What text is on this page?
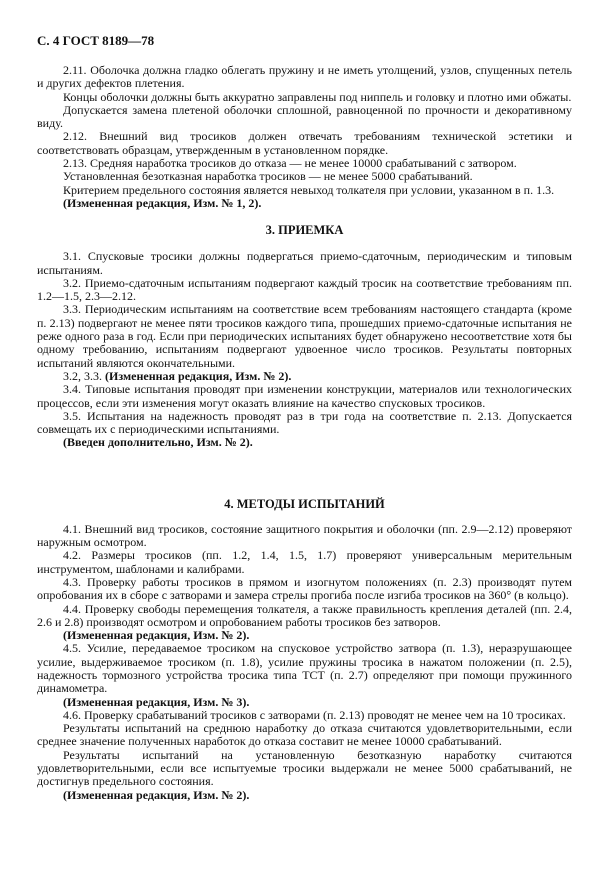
С. 4 ГОСТ 8189—78

2.11. Оболочка должна гладко облегать пружину и не иметь утолщений, узлов, спущенных петель и других дефектов плетения.

Концы оболочки должны быть аккуратно заправлены под ниппель и головку и плотно ими обжаты.

Допускается замена плетеной оболочки сплошной, равноценной по прочности и декоративному виду.

2.12. Внешний вид тросиков должен отвечать требованиям технической эстетики и соответствовать образцам, утвержденным в установленном порядке.

2.13. Средняя наработка тросиков до отказа — не менее 10000 срабатываний с затвором.

Установленная безотказная наработка тросиков — не менее 5000 срабатываний.

Критерием предельного состояния является невыход толкателя при условии, указанном в п. 1.3.

(Измененная редакция, Изм. № 1, 2).

3. ПРИЕМКА

3.1. Спусковые тросики должны подвергаться приемо-сдаточным, периодическим и типовым испытаниям.

3.2. Приемо-сдаточным испытаниям подвергают каждый тросик на соответствие требованиям пп. 1.2—1.5, 2.3—2.12.

3.3. Периодическим испытаниям на соответствие всем требованиям настоящего стандарта (кроме п. 2.13) подвергают не менее пяти тросиков каждого типа, прошедших приемо-сдаточные испытания не реже одного раза в год. Если при периодических испытаниях будет обнаружено несоответствие хотя бы одному требованию, испытаниям подвергают удвоенное число тросиков. Результаты повторных испытаний являются окончательными.

3.2, 3.3. (Измененная редакция, Изм. № 2).

3.4. Типовые испытания проводят при изменении конструкции, материалов или технологических процессов, если эти изменения могут оказать влияние на качество спусковых тросиков.

3.5. Испытания на надежность проводят раз в три года на соответствие п. 2.13. Допускается совмещать их с периодическими испытаниями.

(Введен дополнительно, Изм. № 2).

4. МЕТОДЫ ИСПЫТАНИЙ

4.1. Внешний вид тросиков, состояние защитного покрытия и оболочки (пп. 2.9—2.12) проверяют наружным осмотром.

4.2. Размеры тросиков (пп. 1.2, 1.4, 1.5, 1.7) проверяют универсальным мерительным инструментом, шаблонами и калибрами.

4.3. Проверку работы тросиков в прямом и изогнутом положениях (п. 2.3) производят путем опробования их в сборе с затворами и замера стрелы прогиба после изгиба тросиков на 360° (в кольцо).

4.4. Проверку свободы перемещения толкателя, а также правильность крепления деталей (пп. 2.4, 2.6 и 2.8) производят осмотром и опробованием работы тросиков без затворов.

(Измененная редакция, Изм. № 2).

4.5. Усилие, передаваемое тросиком на спусковое устройство затвора (п. 1.3), неразрушающее усилие, выдерживаемое тросиком (п. 1.8), усилие пружины тросика в нажатом положении (п. 2.5), надежность тормозного устройства тросика типа ТСТ (п. 2.7) определяют при помощи пружинного динамометра.

(Измененная редакция, Изм. № 3).

4.6. Проверку срабатываний тросиков с затворами (п. 2.13) проводят не менее чем на 10 тросиках.

Результаты испытаний на среднюю наработку до отказа считаются удовлетворительными, если среднее значение полученных наработок до отказа составит не менее 10000 срабатываний.

Результаты испытаний на установленную безотказную наработку считаются удовлетворительными, если все испытуемые тросики выдержали не менее 5000 срабатываний, не достигнув предельного состояния.

(Измененная редакция, Изм. № 2).
